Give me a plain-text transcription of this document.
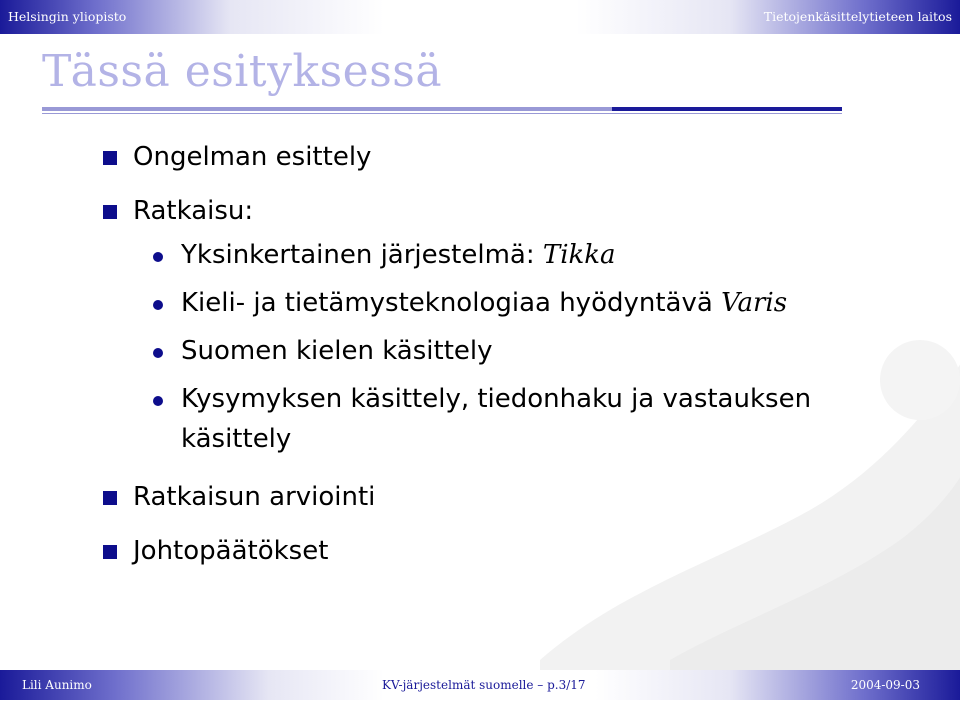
Helsingin yliopisto	Tietojenkäsittelytieteen laitos
Tässä esityksessä
Ongelman esittely
Ratkaisu:
Yksinkertainen järjestelmä: Tikka
Kieli- ja tietämysteknologiaa hyödyntävä Varis
Suomen kielen käsittely
Kysymyksen käsittely, tiedonhaku ja vastauksen
käsittely
Ratkaisun arviointi
Johtopäätökset
Lili Aunimo	KV-järjestelmät suomelle – p.3/17	2004-09-03
